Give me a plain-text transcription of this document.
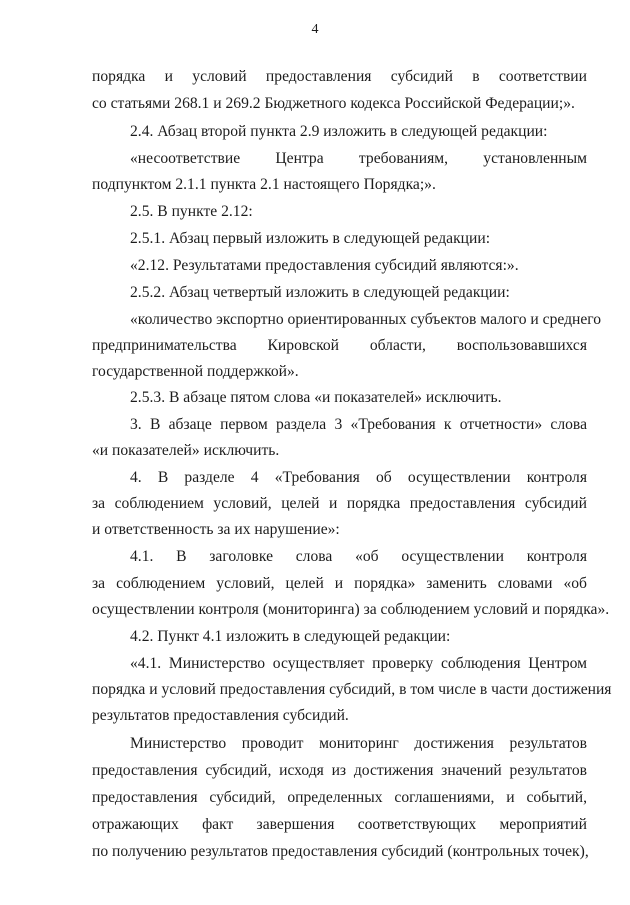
4
порядка и условий предоставления субсидий в соответствии
со статьями 268.1 и 269.2 Бюджетного кодекса Российской Федерации;».
2.4. Абзац второй пункта 2.9 изложить в следующей редакции:
«несоответствие Центра требованиям, установленным
подпунктом 2.1.1 пункта 2.1 настоящего Порядка;».
2.5. В пункте 2.12:
2.5.1. Абзац первый изложить в следующей редакции:
«2.12. Результатами предоставления субсидий являются:».
2.5.2. Абзац четвертый изложить в следующей редакции:
«количество экспортно ориентированных субъектов малого и среднего
предпринимательства Кировской области, воспользовавшихся
государственной поддержкой».
2.5.3. В абзаце пятом слова «и показателей» исключить.
3. В абзаце первом раздела 3 «Требования к отчетности» слова
«и показателей» исключить.
4. В разделе 4 «Требования об осуществлении контроля
за соблюдением условий, целей и порядка предоставления субсидий
и ответственность за их нарушение»:
4.1. В заголовке слова «об осуществлении контроля
за соблюдением условий, целей и порядка» заменить словами «об
осуществлении контроля (мониторинга) за соблюдением условий и порядка».
4.2. Пункт 4.1 изложить в следующей редакции:
«4.1. Министерство осуществляет проверку соблюдения Центром
порядка и условий предоставления субсидий, в том числе в части достижения
результатов предоставления субсидий.
Министерство проводит мониторинг достижения результатов
предоставления субсидий, исходя из достижения значений результатов
предоставления субсидий, определенных соглашениями, и событий,
отражающих факт завершения соответствующих мероприятий
по получению результатов предоставления субсидий (контрольных точек),
